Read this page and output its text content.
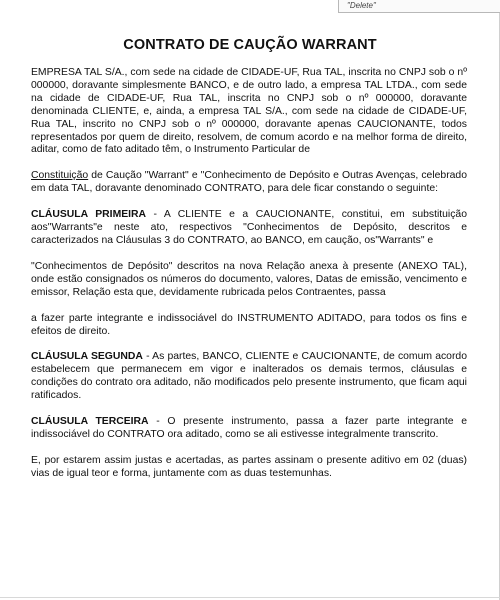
"Delete"
CONTRATO DE CAUÇÃO WARRANT

EMPRESA TAL S/A., com sede na cidade de CIDADE-UF, Rua TAL, inscrita no CNPJ sob o nº 000000, doravante simplesmente BANCO, e de outro lado, a empresa TAL LTDA., com sede na cidade de CIDADE-UF, Rua TAL, inscrita no CNPJ sob o nº 000000, doravante denominada CLIENTE, e, ainda, a empresa TAL S/A., com sede na cidade de CIDADE-UF, Rua TAL, inscrito no CNPJ sob o nº 000000, doravante apenas CAUCIONANTE, todos representados por quem de direito, resolvem, de comum acordo e na melhor forma de direito, aditar, como de fato aditado têm, o Instrumento Particular de

Constituição de Caução "Warrant" e "Conhecimento de Depósito e Outras Avenças, celebrado em data TAL, doravante denominado CONTRATO, para dele ficar constando o seguinte:

CLÁUSULA PRIMEIRA - A CLIENTE e a CAUCIONANTE, constitui, em substituição aos"Warrants"e neste ato, respectivos "Conhecimentos de Depósito, descritos e caracterizados na Cláusulas 3 do CONTRATO, ao BANCO, em caução, os"Warrants" e

"Conhecimentos de Depósito" descritos na nova Relação anexa à presente (ANEXO TAL), onde estão consignados os números do documento, valores, Datas de emissão, vencimento e emissor, Relação esta que, devidamente rubricada pelos Contraentes, passa

a fazer parte integrante e indissociável do INSTRUMENTO ADITADO, para todos os fins e efeitos de direito.

CLÁUSULA SEGUNDA - As partes, BANCO, CLIENTE e CAUCIONANTE, de comum acordo estabelecem que permanecem em vigor e inalterados os demais termos, cláusulas e condições do contrato ora aditado, não modificados pelo presente instrumento, que ficam aqui ratificados.

CLÁUSULA TERCEIRA - O presente instrumento, passa a fazer parte integrante e indissociável do CONTRATO ora aditado, como se ali estivesse integralmente transcrito.

E, por estarem assim justas e acertadas, as partes assinam o presente aditivo em 02 (duas) vias de igual teor e forma, juntamente com as duas testemunhas.
